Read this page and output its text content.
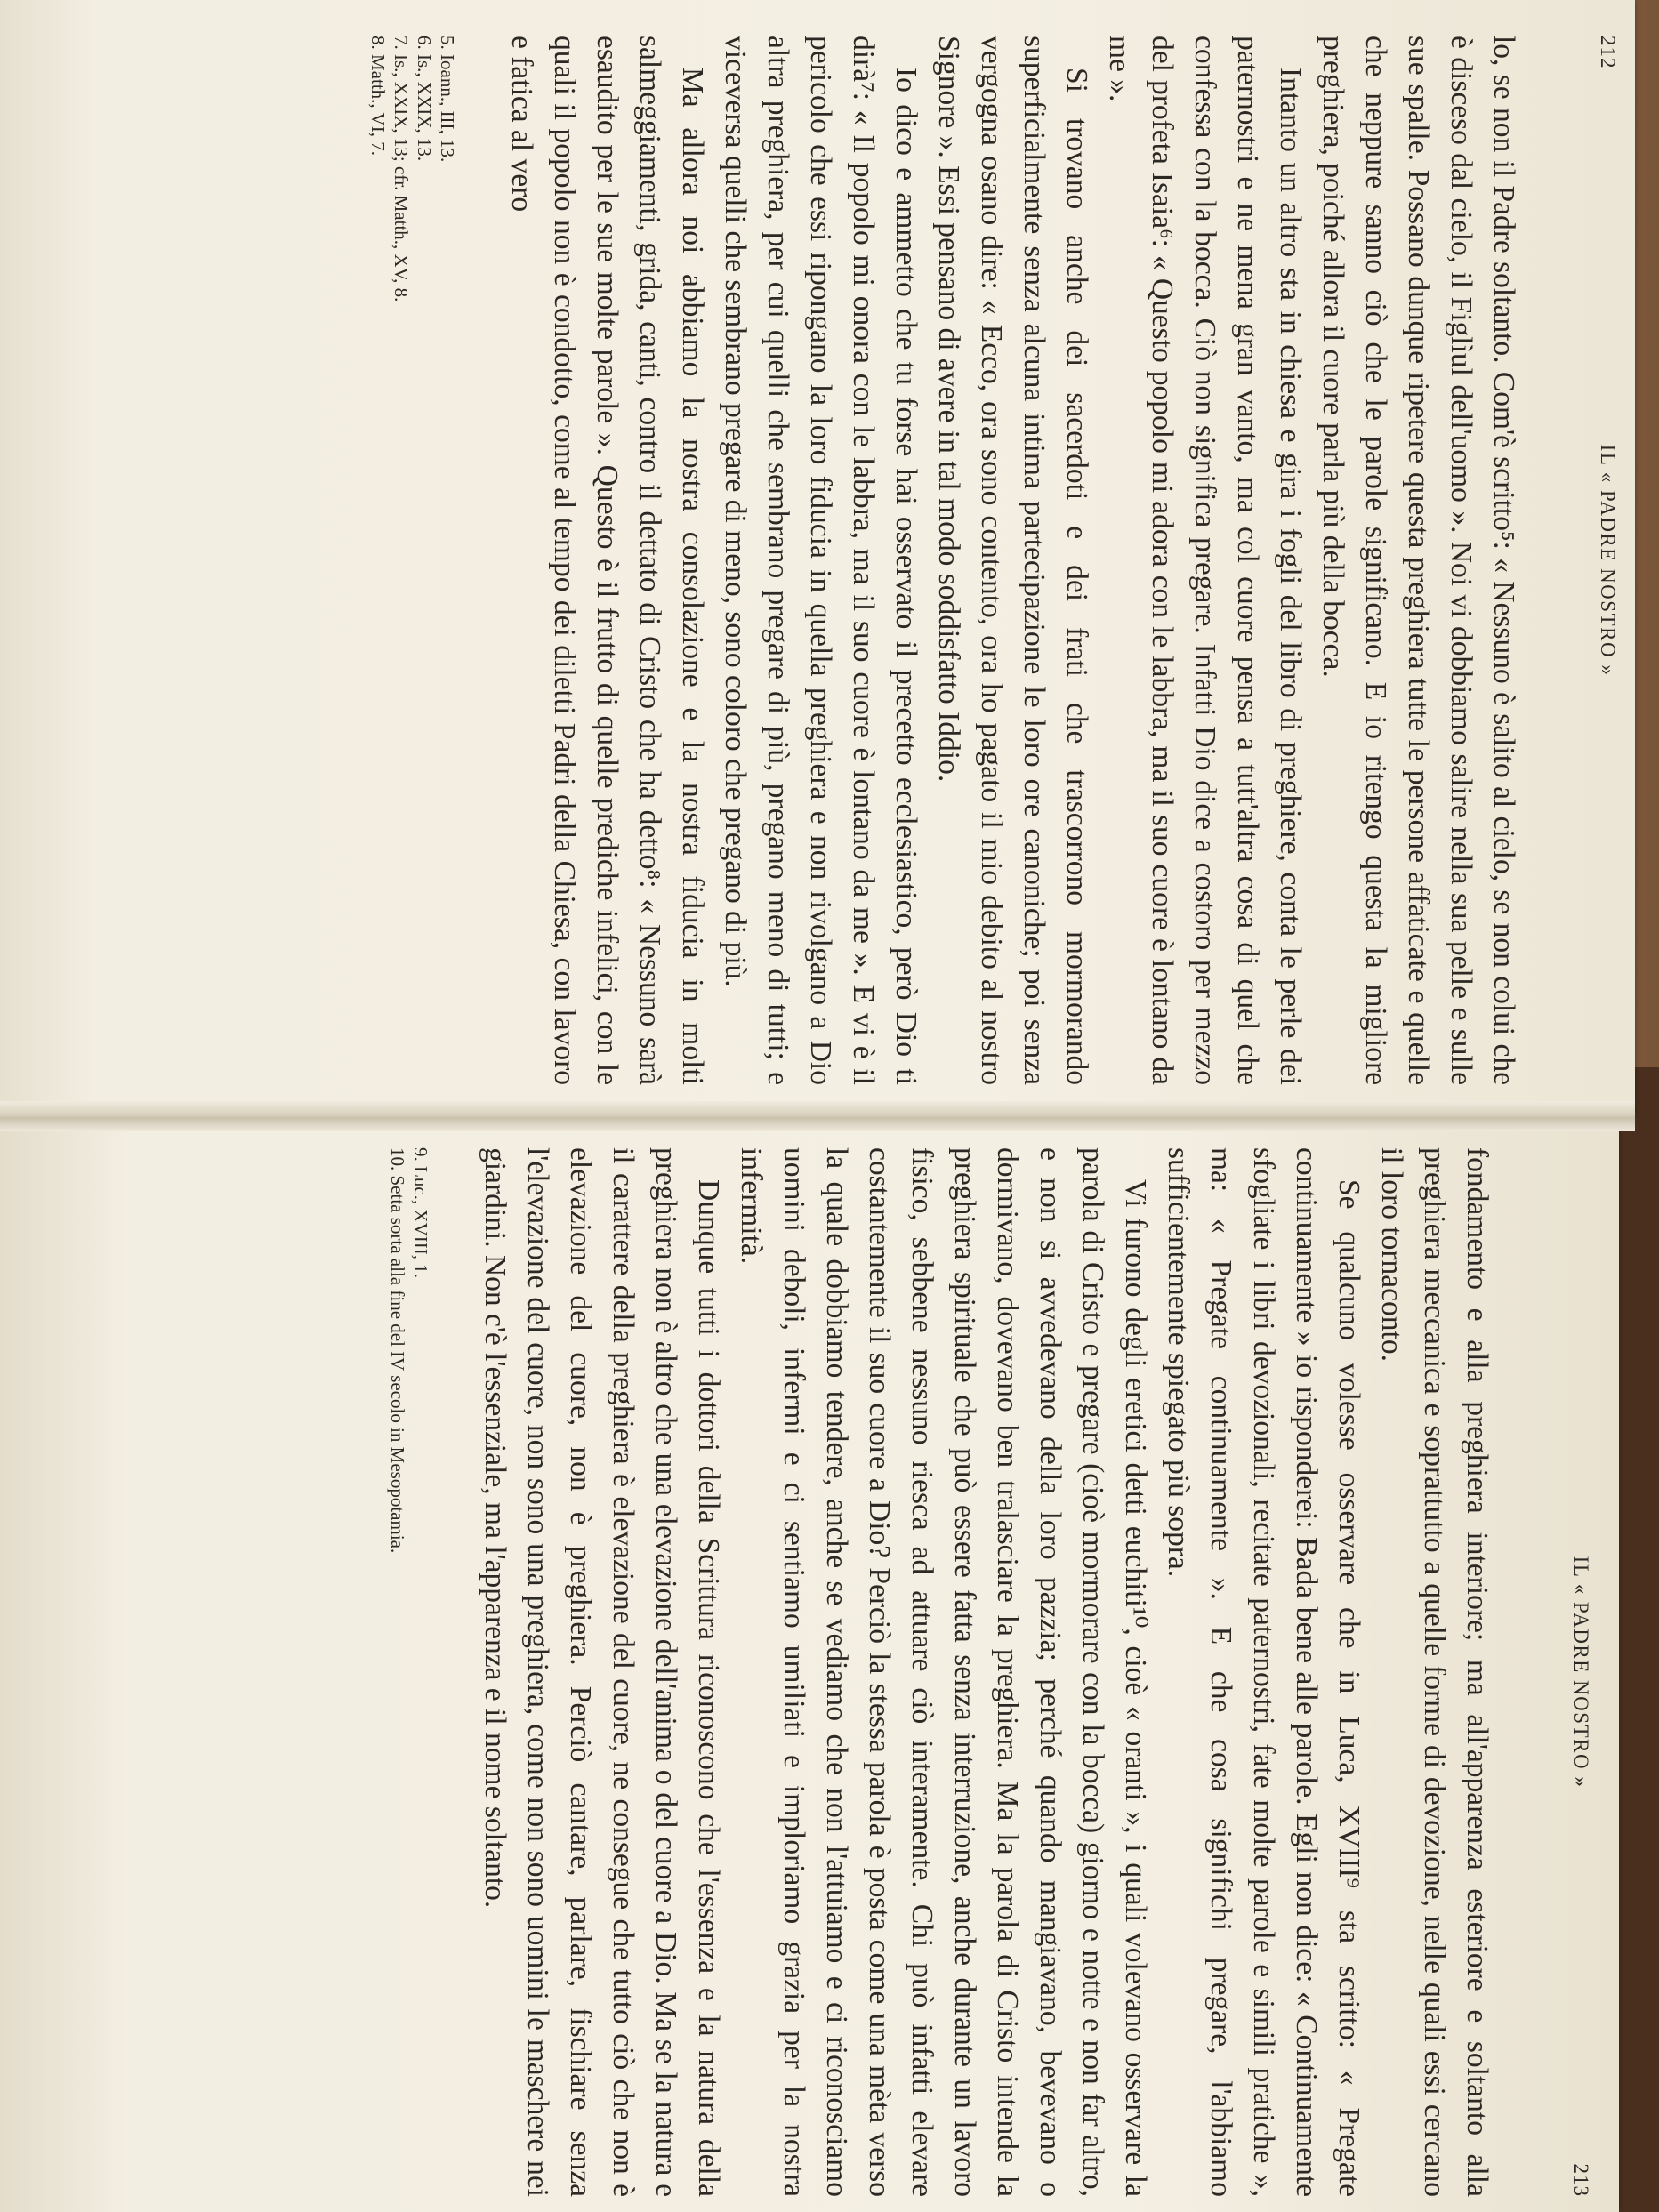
212
IL « PADRE NOSTRO »

lo, se non il Padre soltanto. Com'è scritto⁵: « Nessuno è salito al cielo, se non colui che è disceso dal cielo, il Figlìul dell'uomo ». Noi vi dobbiamo salire nella sua pelle e sulle sue spalle. Possano dunque ripetere questa preghiera tutte le persone affaticate e quelle che neppure sanno ciò che le parole significano. E io ritengo questa la migliore preghiera, poiché allora il cuore parla più della bocca.

Intanto un altro sta in chiesa e gira i fogli del libro di preghiere, conta le perle dei paternostri e ne mena gran vanto, ma col cuore pensa a tutt'altra cosa di quel che confessa con la bocca. Ciò non significa pregare. Infatti Dio dice a costoro per mezzo del profeta Isaia⁶: « Questo popolo mi adora con le labbra, ma il suo cuore è lontano da me ».

Si trovano anche dei sacerdoti e dei frati che trascorrono mormorando superficialmente senza alcuna intima partecipazione le loro ore canoniche; poi senza vergogna osano dire: « Ecco, ora sono contento, ora ho pagato il mio debito al nostro Signore ». Essi pensano di avere in tal modo soddisfatto Iddio.

Io dico e ammetto che tu forse hai osservato il precetto ecclesiastico, però Dio ti dirà⁷: « Il popolo mi onora con le labbra, ma il suo cuore è lontano da me ». E vi è il pericolo che essi ripongano la loro fiducia in quella preghiera e non rivolgano a Dio altra preghiera, per cui quelli che sembrano pregare di più, pregano meno di tutti; e viceversa quelli che sembrano pregare di meno, sono coloro che pregano di più.

Ma allora noi abbiamo la nostra consolazione e la nostra fiducia in molti salmeggiamenti, grida, canti, contro il dettato di Cristo che ha detto⁸: « Nessuno sarà esaudito per le sue molte parole ». Questo è il frutto di quelle prediche infelici, con le quali il popolo non è condotto, come al tempo dei diletti Padri della Chiesa, con lavoro e fatica al vero

5. Ioann., III, 13.
6. Is., XXIX, 13.
7. Is., XXIX, 13; cfr. Matth., XV, 8.
8. Matth., VI, 7.
213
IL « PADRE NOSTRO »

fondamento e alla preghiera interiore; ma all'apparenza esteriore e soltanto alla preghiera meccanica e soprattutto a quelle forme di devozione, nelle quali essi cercano il loro tornaconto.

Se qualcuno volesse osservare che in Luca, XVIII⁹ sta scritto: « Pregate continuamente » io risponderei: Bada bene alle parole. Egli non dice: « Continuamente sfogliate i libri devozionali, recitate paternostri, fate molte parole e simili pratiche », ma: « Pregate continuamente ». E che cosa significhi pregare, l'abbiamo sufficientemente spiegato più sopra.

Vi furono degli eretici detti euchiti¹⁰, cioè « oranti », i quali volevano osservare la parola di Cristo e pregare (cioè mormorare con la bocca) giorno e notte e non far altro, e non si avvedevano della loro pazzia; perché quando mangiavano, bevevano o dormivano, dovevano ben tralasciare la preghiera. Ma la parola di Cristo intende la preghiera spirituale che può essere fatta senza interruzione, anche durante un lavoro fisico, sebbene nessuno riesca ad attuare ciò interamente. Chi può infatti elevare costantemente il suo cuore a Dio? Perciò la stessa parola è posta come una mèta verso la quale dobbiamo tendere, anche se vediamo che non l'attuiamo e ci riconosciamo uomini deboli, infermi e ci sentiamo umiliati e imploriamo grazia per la nostra infermità.

Dunque tutti i dottori della Scrittura riconoscono che l'essenza e la natura della preghiera non è altro che una elevazione dell'anima o del cuore a Dio. Ma se la natura e il carattere della preghiera è elevazione del cuore, ne consegue che tutto ciò che non è elevazione del cuore, non è preghiera. Perciò cantare, parlare, fischiare senza l'elevazione del cuore, non sono una preghiera, come non sono uomini le maschere nei giardini. Non c'è l'essenziale, ma l'apparenza e il nome soltanto.

9. Luc., XVIII, 1.
10. Setta sorta alla fine del IV secolo in Mesopotamia.
